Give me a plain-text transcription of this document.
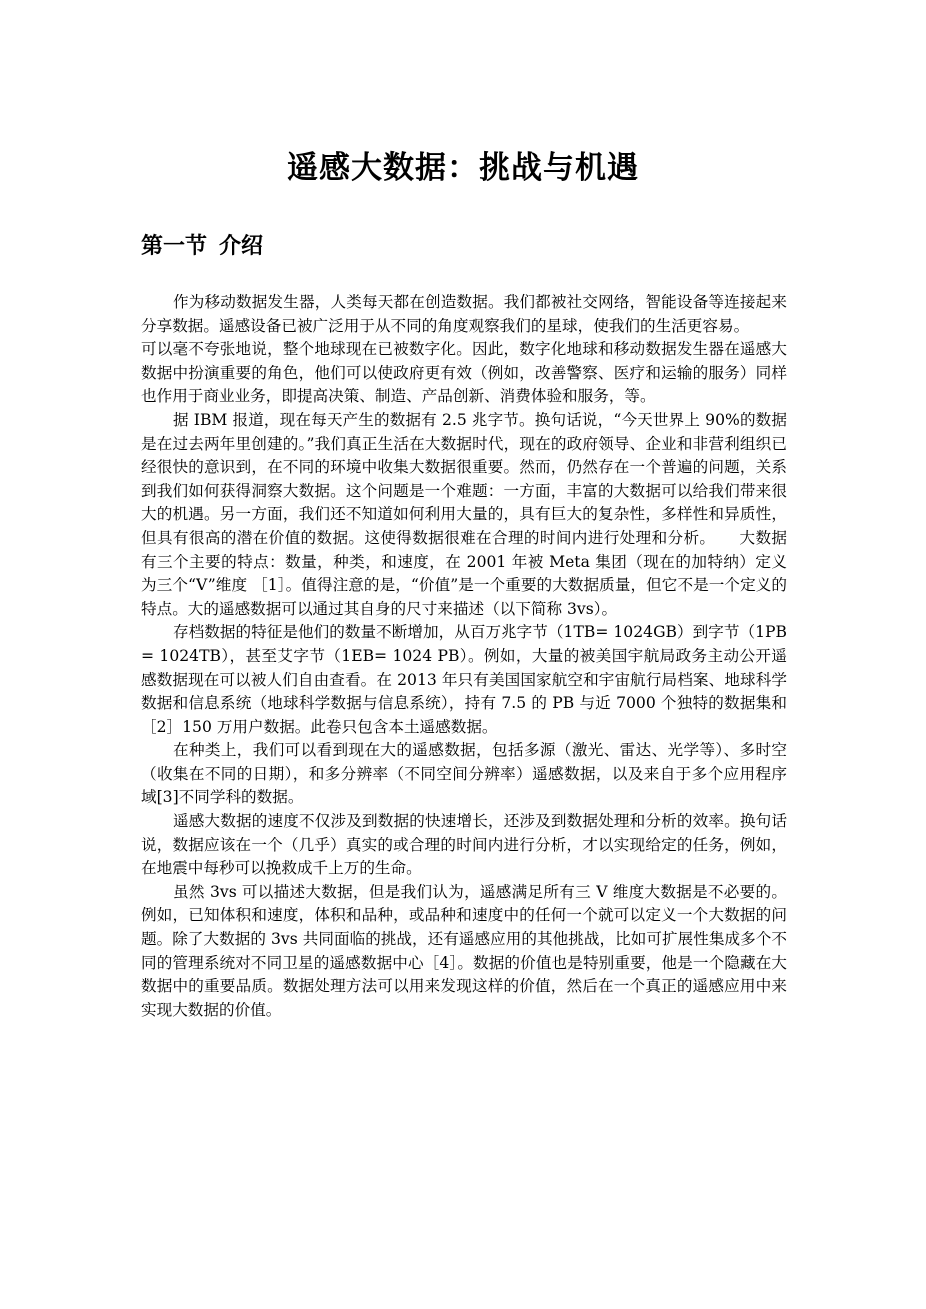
遥感大数据：挑战与机遇
第一节 介绍

作为移动数据发生器，人类每天都在创造数据。我们都被社交网络，智能设备等连接起来分享数据。遥感设备已被广泛用于从不同的角度观察我们的星球，使我们的生活更容易。

可以毫不夸张地说，整个地球现在已被数字化。因此，数字化地球和移动数据发生器在遥感大数据中扮演重要的角色，他们可以使政府更有效（例如，改善警察、医疗和运输的服务）同样也作用于商业业务，即提高决策、制造、产品创新、消费体验和服务，等。

据 IBM 报道，现在每天产生的数据有 2.5 兆字节。换句话说，“今天世界上 90%的数据是在过去两年里创建的。”我们真正生活在大数据时代，现在的政府领导、企业和非营利组织已经很快的意识到，在不同的环境中收集大数据很重要。然而，仍然存在一个普遍的问题，关系到我们如何获得洞察大数据。这个问题是一个难题：一方面，丰富的大数据可以给我们带来很大的机遇。另一方面，我们还不知道如何利用大量的，具有巨大的复杂性，多样性和异质性，但具有很高的潜在价值的数据。这使得数据很难在合理的时间内进行处理和分析。　　大数据有三个主要的特点：数量，种类，和速度，在 2001 年被 Meta 集团（现在的加特纳）定义为三个“V”维度 ［1］。值得注意的是，“价值”是一个重要的大数据质量，但它不是一个定义的特点。大的遥感数据可以通过其自身的尺寸来描述（以下简称 3vs）。

存档数据的特征是他们的数量不断增加，从百万兆字节（1TB= 1024GB）到字节（1PB = 1024TB），甚至艾字节（1EB= 1024 PB）。例如，大量的被美国宇航局政务主动公开遥感数据现在可以被人们自由查看。在 2013 年只有美国国家航空和宇宙航行局档案、地球科学数据和信息系统（地球科学数据与信息系统），持有 7.5 的 PB 与近 7000 个独特的数据集和 ［2］150 万用户数据。此卷只包含本土遥感数据。

在种类上，我们可以看到现在大的遥感数据，包括多源（激光、雷达、光学等）、多时空（收集在不同的日期），和多分辨率（不同空间分辨率）遥感数据，以及来自于多个应用程序域[3]不同学科的数据。

遥感大数据的速度不仅涉及到数据的快速增长，还涉及到数据处理和分析的效率。换句话说，数据应该在一个（几乎）真实的或合理的时间内进行分析，才以实现给定的任务，例如，在地震中每秒可以挽救成千上万的生命。

虽然 3vs 可以描述大数据，但是我们认为，遥感满足所有三 V 维度大数据是不必要的。例如，已知体积和速度，体积和品种，或品种和速度中的任何一个就可以定义一个大数据的问题。除了大数据的 3vs 共同面临的挑战，还有遥感应用的其他挑战，比如可扩展性集成多个不同的管理系统对不同卫星的遥感数据中心［4］。数据的价值也是特别重要，他是一个隐藏在大数据中的重要品质。数据处理方法可以用来发现这样的价值，然后在一个真正的遥感应用中来实现大数据的价值。
